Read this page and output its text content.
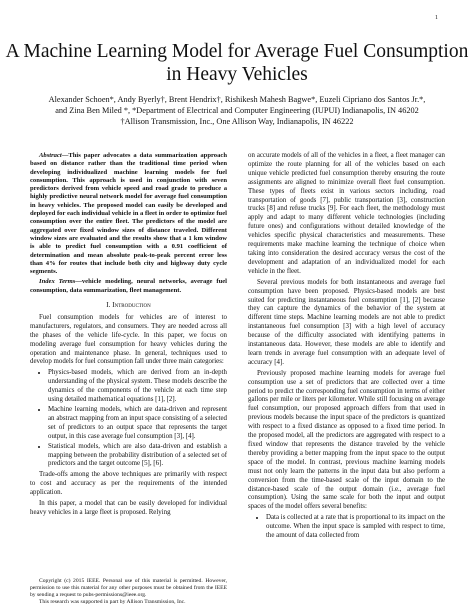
1
A Machine Learning Model for Average Fuel Consumption in Heavy Vehicles
Alexander Schoen*, Andy Byerly†, Brent Hendrix†, Rishikesh Mahesh Bagwe*, Euzeli Cipriano dos Santos Jr.*,
and Zina Ben Miled *, *Department of Electrical and Computer Engineering (IUPUI) Indianapolis, IN 46202
†Allison Transmission, Inc., One Allison Way, Indianapolis, IN 46222

Abstract—This paper advocates a data summarization approach based on distance rather than the traditional time period when developing individualized machine learning models for fuel consumption. This approach is used in conjunction with seven predictors derived from vehicle speed and road grade to produce a highly predictive neural network model for average fuel consumption in heavy vehicles. The proposed model can easily be developed and deployed for each individual vehicle in a fleet in order to optimize fuel consumption over the entire fleet. The predictors of the model are aggregated over fixed window sizes of distance traveled. Different window sizes are evaluated and the results show that a 1 km window is able to predict fuel consumption with a 0.91 coefficient of determination and mean absolute peak-to-peak percent error less than 4% for routes that include both city and highway duty cycle segments.

Index Terms—vehicle modeling, neural networks, average fuel consumption, data summarization, fleet management.

I. Introduction

Fuel consumption models for vehicles are of interest to manufacturers, regulators, and consumers. They are needed across all the phases of the vehicle life-cycle. In this paper, we focus on modeling average fuel consumption for heavy vehicles during the operation and maintenance phase. In general, techniques used to develop models for fuel consumption fall under three main categories:

• Physics-based models, which are derived from an in-depth understanding of the physical system. These models describe the dynamics of the components of the vehicle at each time step using detailed mathematical equations [1], [2].
• Machine learning models, which are data-driven and represent an abstract mapping from an input space consisting of a selected set of predictors to an output space that represents the target output, in this case average fuel consumption [3], [4].
• Statistical models, which are also data-driven and establish a mapping between the probability distribution of a selected set of predictors and the target outcome [5], [6].

Trade-offs among the above techniques are primarily with respect to cost and accuracy as per the requirements of the intended application.

In this paper, a model that can be easily developed for individual heavy vehicles in a large fleet is proposed. Relying

Copyright (c) 2015 IEEE. Personal use of this material is permitted. However, permission to use this material for any other purposes must be obtained from the IEEE by sending a request to pubs-permissions@ieee.org.
This research was supported in part by Allison Transmission, Inc.

on accurate models of all of the vehicles in a fleet, a fleet manager can optimize the route planning for all of the vehicles based on each unique vehicle predicted fuel consumption thereby ensuring the route assignments are aligned to minimize overall fleet fuel consumption. These types of fleets exist in various sectors including, road transportation of goods [7], public transportation [3], construction trucks [8] and refuse trucks [9]. For each fleet, the methodology must apply and adapt to many different vehicle technologies (including future ones) and configurations without detailed knowledge of the vehicles specific physical characteristics and measurements. These requirements make machine learning the technique of choice when taking into consideration the desired accuracy versus the cost of the development and adaptation of an individualized model for each vehicle in the fleet.

Several previous models for both instantaneous and average fuel consumption have been proposed. Physics-based models are best suited for predicting instantaneous fuel consumption [1], [2] because they can capture the dynamics of the behavior of the system at different time steps. Machine learning models are not able to predict instantaneous fuel consumption [3] with a high level of accuracy because of the difficulty associated with identifying patterns in instantaneous data. However, these models are able to identify and learn trends in average fuel consumption with an adequate level of accuracy [4].

Previously proposed machine learning models for average fuel consumption use a set of predictors that are collected over a time period to predict the corresponding fuel consumption in terms of either gallons per mile or liters per kilometer. While still focusing on average fuel consumption, our proposed approach differs from that used in previous models because the input space of the predictors is quantized with respect to a fixed distance as opposed to a fixed time period. In the proposed model, all the predictors are aggregated with respect to a fixed window that represents the distance traveled by the vehicle thereby providing a better mapping from the input space to the output space of the model. In contrast, previous machine learning models must not only learn the patterns in the input data but also perform a conversion from the time-based scale of the input domain to the distance-based scale of the output domain (i.e., average fuel consumption). Using the same scale for both the input and output spaces of the model offers several benefits:

• Data is collected at a rate that is proportional to its impact on the outcome. When the input space is sampled with respect to time, the amount of data collected from
